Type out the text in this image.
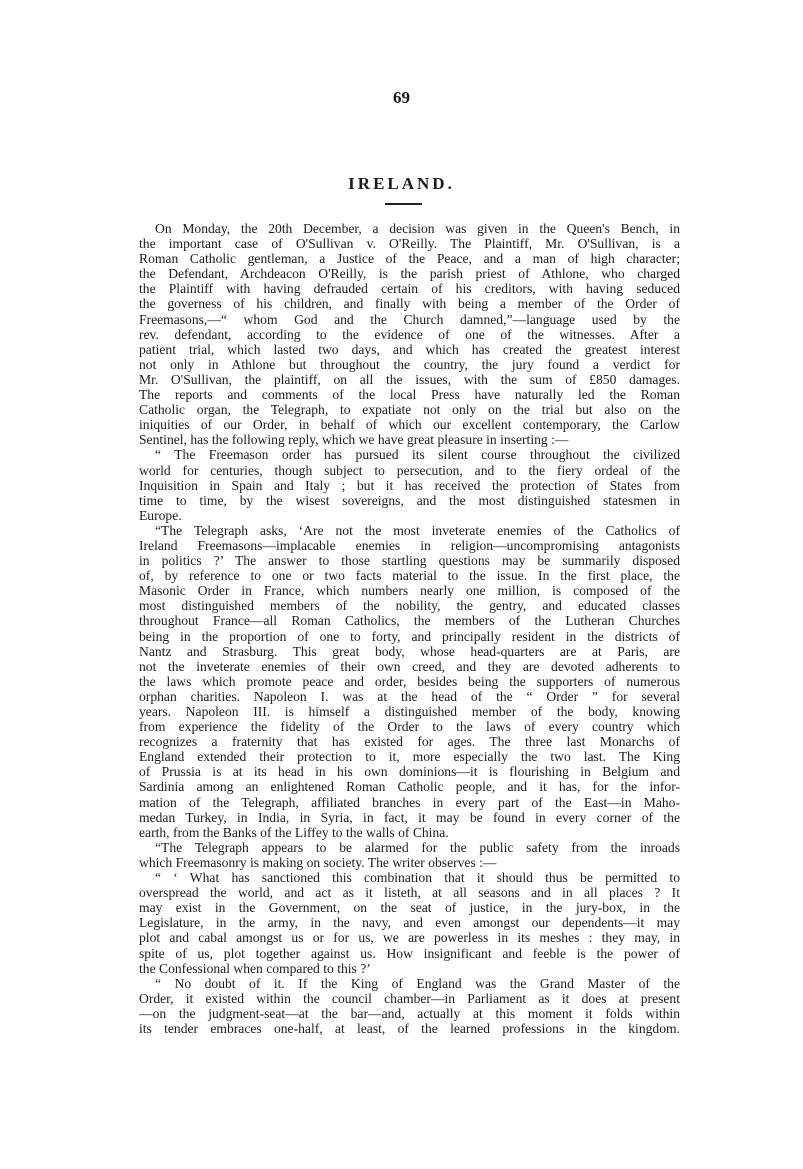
69
IRELAND.
On Monday, the 20th December, a decision was given in the Queen's Bench, in
the important case of O'Sullivan v. O'Reilly. The Plaintiff, Mr. O'Sullivan, is a
Roman Catholic gentleman, a Justice of the Peace, and a man of high character;
the Defendant, Archdeacon O'Reilly, is the parish priest of Athlone, who charged
the Plaintiff with having defrauded certain of his creditors, with having seduced
the governess of his children, and finally with being a member of the Order of
Freemasons,—“ whom God and the Church damned,”—language used by the
rev. defendant, according to the evidence of one of the witnesses. After a
patient trial, which lasted two days, and which has created the greatest interest
not only in Athlone but throughout the country, the jury found a verdict for
Mr. O'Sullivan, the plaintiff, on all the issues, with the sum of £850 damages.
The reports and comments of the local Press have naturally led the Roman
Catholic organ, the Telegraph, to expatiate not only on the trial but also on the
iniquities of our Order, in behalf of which our excellent contemporary, the Carlow
Sentinel, has the following reply, which we have great pleasure in inserting :—
“ The Freemason order has pursued its silent course throughout the civilized
world for centuries, though subject to persecution, and to the fiery ordeal of the
Inquisition in Spain and Italy ; but it has received the protection of States from
time to time, by the wisest sovereigns, and the most distinguished statesmen in
Europe.
“The Telegraph asks, ‘Are not the most inveterate enemies of the Catholics of
Ireland Freemasons—implacable enemies in religion—uncompromising antagonists
in politics ?’ The answer to those startling questions may be summarily disposed
of, by reference to one or two facts material to the issue. In the first place, the
Masonic Order in France, which numbers nearly one million, is composed of the
most distinguished members of the nobility, the gentry, and educated classes
throughout France—all Roman Catholics, the members of the Lutheran Churches
being in the proportion of one to forty, and principally resident in the districts of
Nantz and Strasburg. This great body, whose head-quarters are at Paris, are
not the inveterate enemies of their own creed, and they are devoted adherents to
the laws which promote peace and order, besides being the supporters of numerous
orphan charities. Napoleon I. was at the head of the “ Order ” for several
years. Napoleon III. is himself a distinguished member of the body, knowing
from experience the fidelity of the Order to the laws of every country which
recognizes a fraternity that has existed for ages. The three last Monarchs of
England extended their protection to it, more especially the two last. The King
of Prussia is at its head in his own dominions—it is flourishing in Belgium and
Sardinia among an enlightened Roman Catholic people, and it has, for the infor-
mation of the Telegraph, affiliated branches in every part of the East—in Maho-
medan Turkey, in India, in Syria, in fact, it may be found in every corner of the
earth, from the Banks of the Liffey to the walls of China.
“The Telegraph appears to be alarmed for the public safety from the inroads
which Freemasonry is making on society. The writer observes :—
“ ‘ What has sanctioned this combination that it should thus be permitted to
overspread the world, and act as it listeth, at all seasons and in all places ? It
may exist in the Government, on the seat of justice, in the jury-box, in the
Legislature, in the army, in the navy, and even amongst our dependents—it may
plot and cabal amongst us or for us, we are powerless in its meshes : they may, in
spite of us, plot together against us. How insignificant and feeble is the power of
the Confessional when compared to this ?’
“ No doubt of it. If the King of England was the Grand Master of the
Order, it existed within the council chamber—in Parliament as it does at present
—on the judgment-seat—at the bar—and, actually at this moment it folds within
its tender embraces one-half, at least, of the learned professions in the kingdom.
